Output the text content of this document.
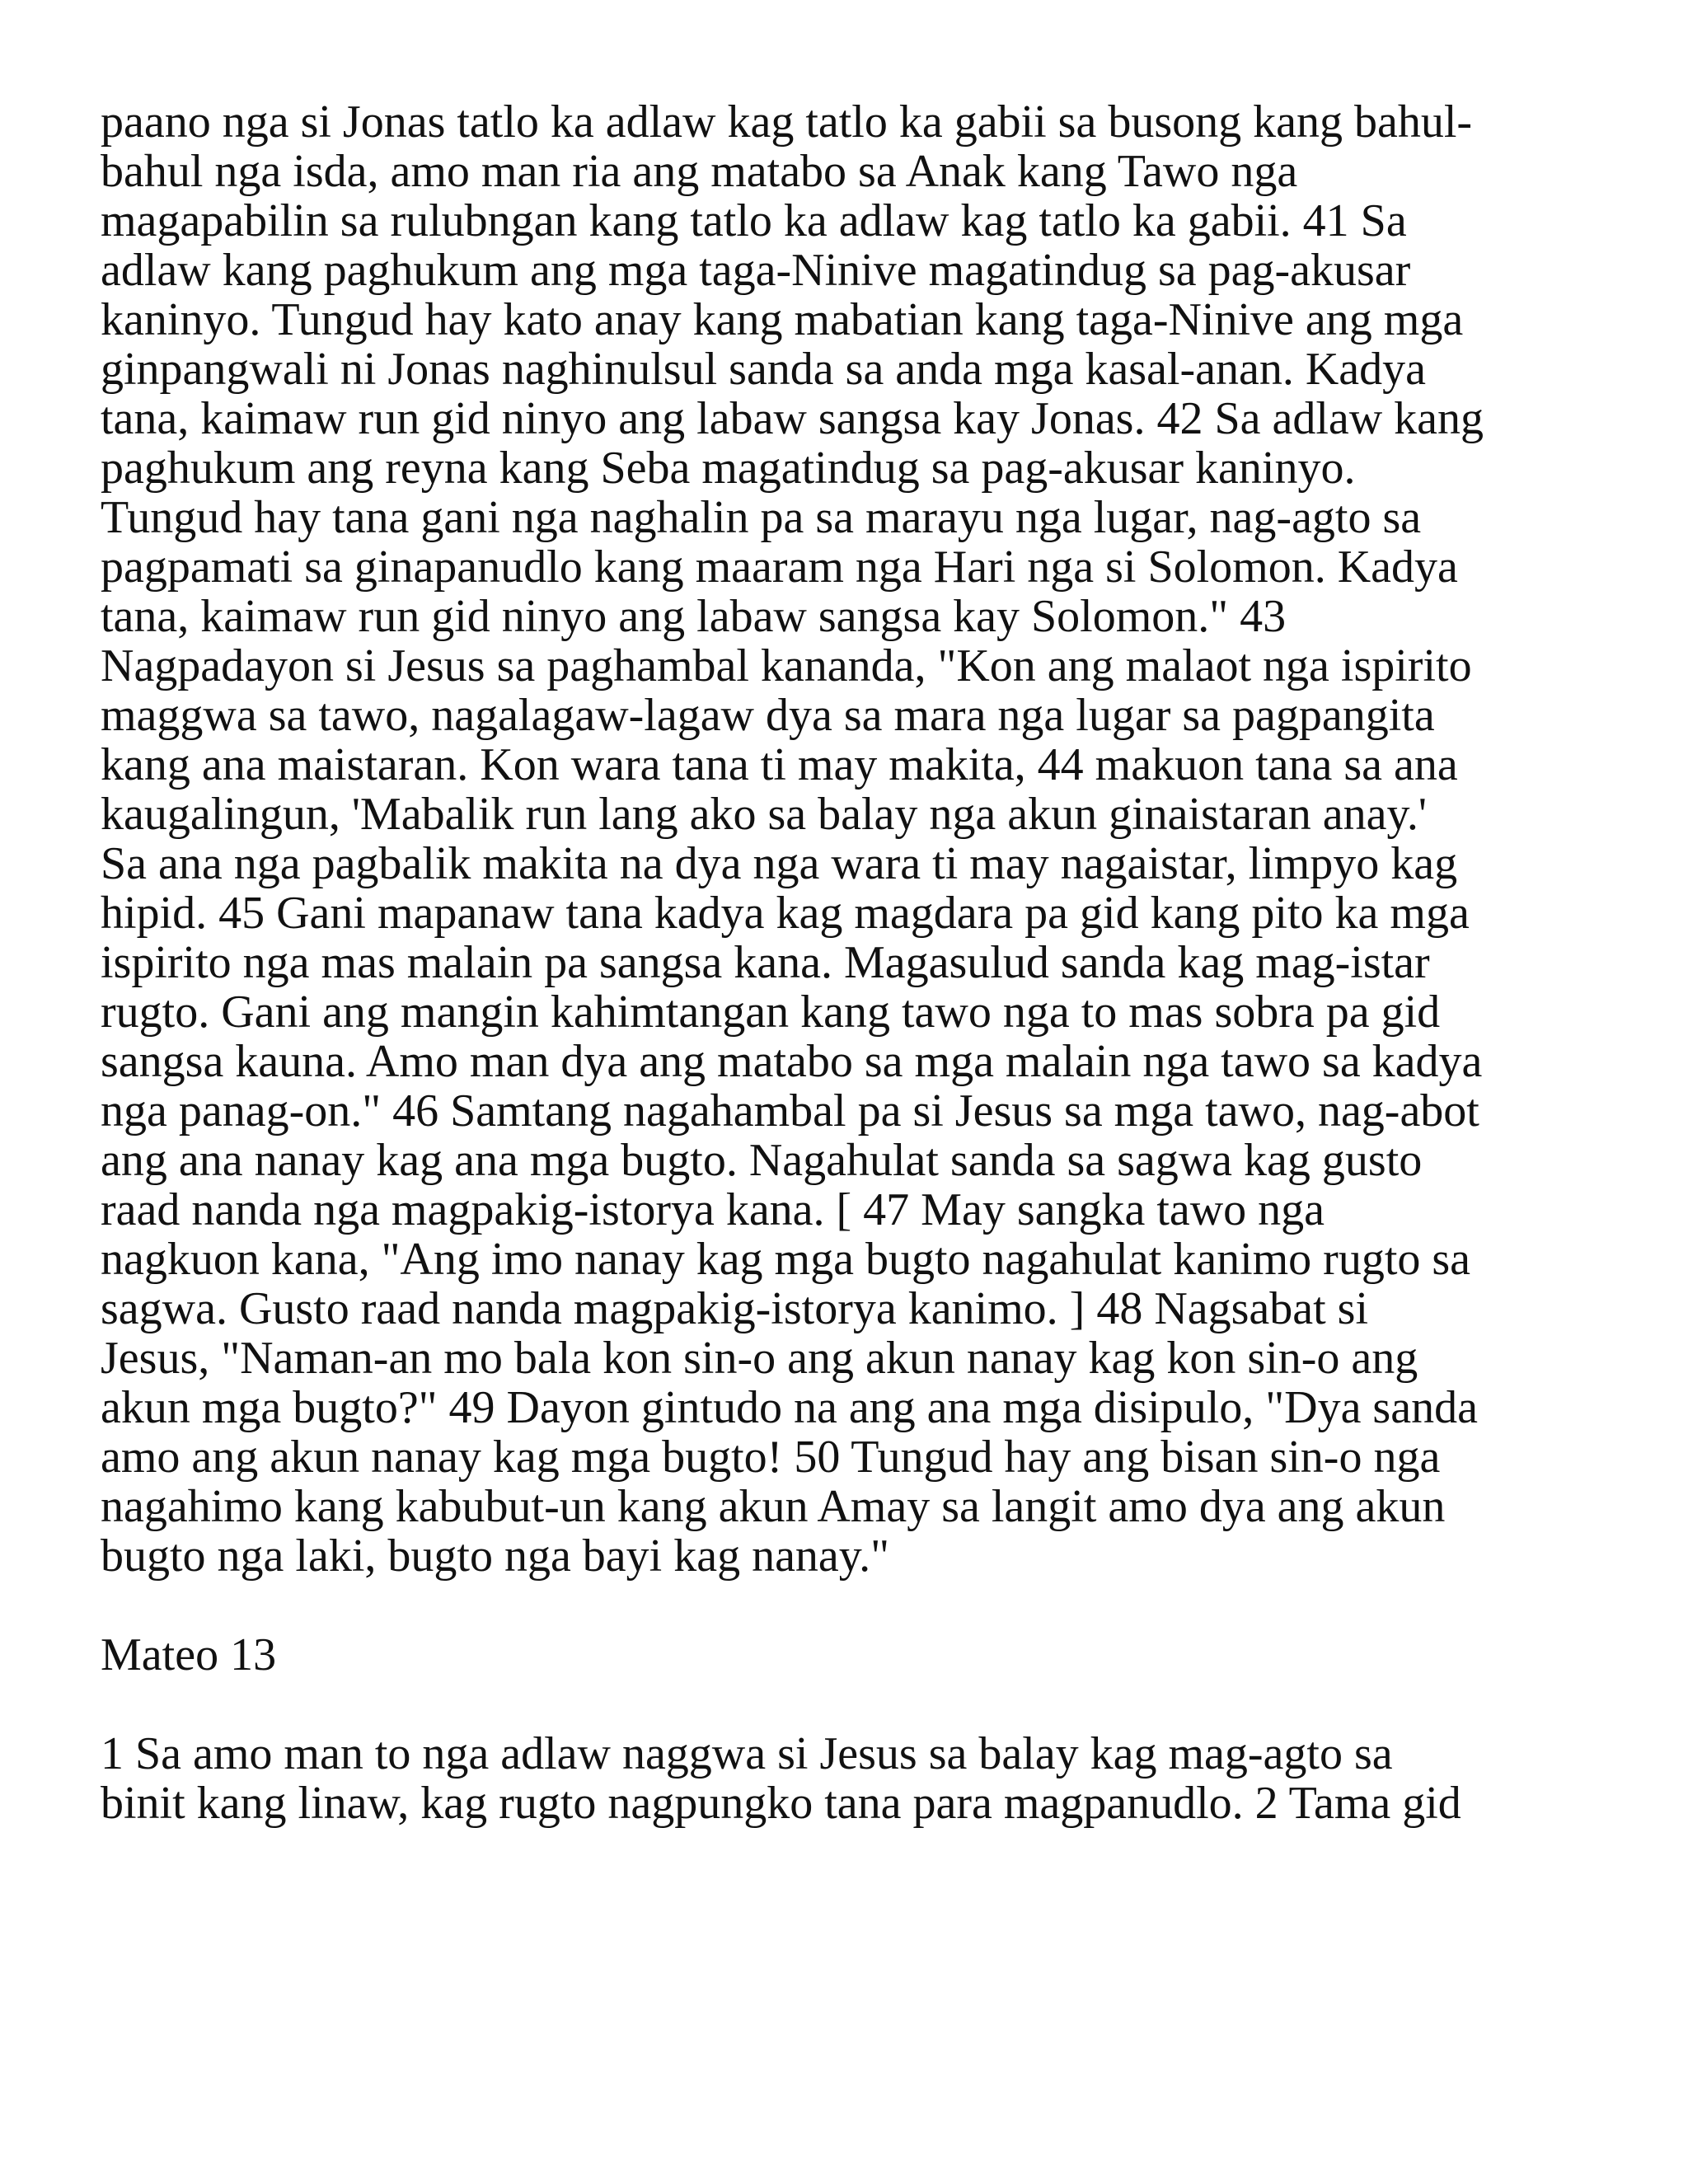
paano nga si Jonas tatlo ka adlaw kag tatlo ka gabii sa busong kang bahul-
bahul nga isda, amo man ria ang matabo sa Anak kang Tawo nga
magapabilin sa rulubngan kang tatlo ka adlaw kag tatlo ka gabii. 41 Sa
adlaw kang paghukum ang mga taga-Ninive magatindug sa pag-akusar
kaninyo. Tungud hay kato anay kang mabatian kang taga-Ninive ang mga
ginpangwali ni Jonas naghinulsul sanda sa anda mga kasal-anan. Kadya
tana, kaimaw run gid ninyo ang labaw sangsa kay Jonas. 42 Sa adlaw kang
paghukum ang reyna kang Seba magatindug sa pag-akusar kaninyo.
Tungud hay tana gani nga naghalin pa sa marayu nga lugar, nag-agto sa
pagpamati sa ginapanudlo kang maaram nga Hari nga si Solomon. Kadya
tana, kaimaw run gid ninyo ang labaw sangsa kay Solomon." 43
Nagpadayon si Jesus sa paghambal kananda, "Kon ang malaot nga ispirito
maggwa sa tawo, nagalagaw-lagaw dya sa mara nga lugar sa pagpangita
kang ana maistaran. Kon wara tana ti may makita, 44 makuon tana sa ana
kaugalingun, 'Mabalik run lang ako sa balay nga akun ginaistaran anay.'
Sa ana nga pagbalik makita na dya nga wara ti may nagaistar, limpyo kag
hipid. 45 Gani mapanaw tana kadya kag magdara pa gid kang pito ka mga
ispirito nga mas malain pa sangsa kana. Magasulud sanda kag mag-istar
rugto. Gani ang mangin kahimtangan kang tawo nga to mas sobra pa gid
sangsa kauna. Amo man dya ang matabo sa mga malain nga tawo sa kadya
nga panag-on." 46 Samtang nagahambal pa si Jesus sa mga tawo, nag-abot
ang ana nanay kag ana mga bugto. Nagahulat sanda sa sagwa kag gusto
raad nanda nga magpakig-istorya kana. [ 47 May sangka tawo nga
nagkuon kana, "Ang imo nanay kag mga bugto nagahulat kanimo rugto sa
sagwa. Gusto raad nanda magpakig-istorya kanimo. ] 48 Nagsabat si
Jesus, "Naman-an mo bala kon sin-o ang akun nanay kag kon sin-o ang
akun mga bugto?" 49 Dayon gintudo na ang ana mga disipulo, "Dya sanda
amo ang akun nanay kag mga bugto! 50 Tungud hay ang bisan sin-o nga
nagahimo kang kabubut-un kang akun Amay sa langit amo dya ang akun
bugto nga laki, bugto nga bayi kag nanay."
Mateo 13
1 Sa amo man to nga adlaw naggwa si Jesus sa balay kag mag-agto sa
binit kang linaw, kag rugto nagpungko tana para magpanudlo. 2 Tama gid
